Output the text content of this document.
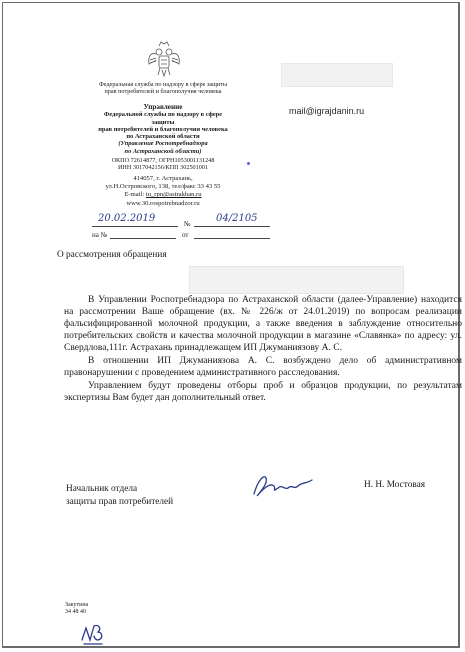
Федеральная служба по надзору в сфере защиты
прав потребителей и благополучия человека
Управление
Федеральной службы по надзору в сфере защиты
прав потребителей и благополучия человека
по Астраханской области
(Управление Роспотребнадзора
по Астраханской области)
ОКПО 72614877, ОГРН1053001131248
ИНН 3017042156/КПП 302501001
414057, г. Астрахань,
ул.Н.Островского, 138, тел/факс 33 43 55
E-mail: tu_rpn@astrakhan.ru
www.30.rospotrebnadzor.ru
mail@igrajdanin.ru
20.02.2019	№	04/2105
на №	от
О рассмотрения обращения

В Управлении Роспотребнадзора по Астраханской области (далее-Управление) находится на рассмотрении Ваше обращение (вх. № 226/ж от 24.01.2019) по вопросам реализации фальсифицированной молочной продукции, а также введения в заблуждение относительно потребительских свойств и качества молочной продукции в магазине «Славянка» по адресу: ул. Свердлова,111г. Астрахань принадлежащем ИП Джуманиязову А. С.

В отношении ИП Джуманиязова А. С. возбуждено дело об административном правонарушении с проведением административного расследования.

Управлением будут проведены отборы проб и образцов продукции, по результатам экспертизы Вам будет дан дополнительный ответ.

Начальник отдела
защиты прав потребителей
Н. Н. Мостовая
Закутина
34 48 40
